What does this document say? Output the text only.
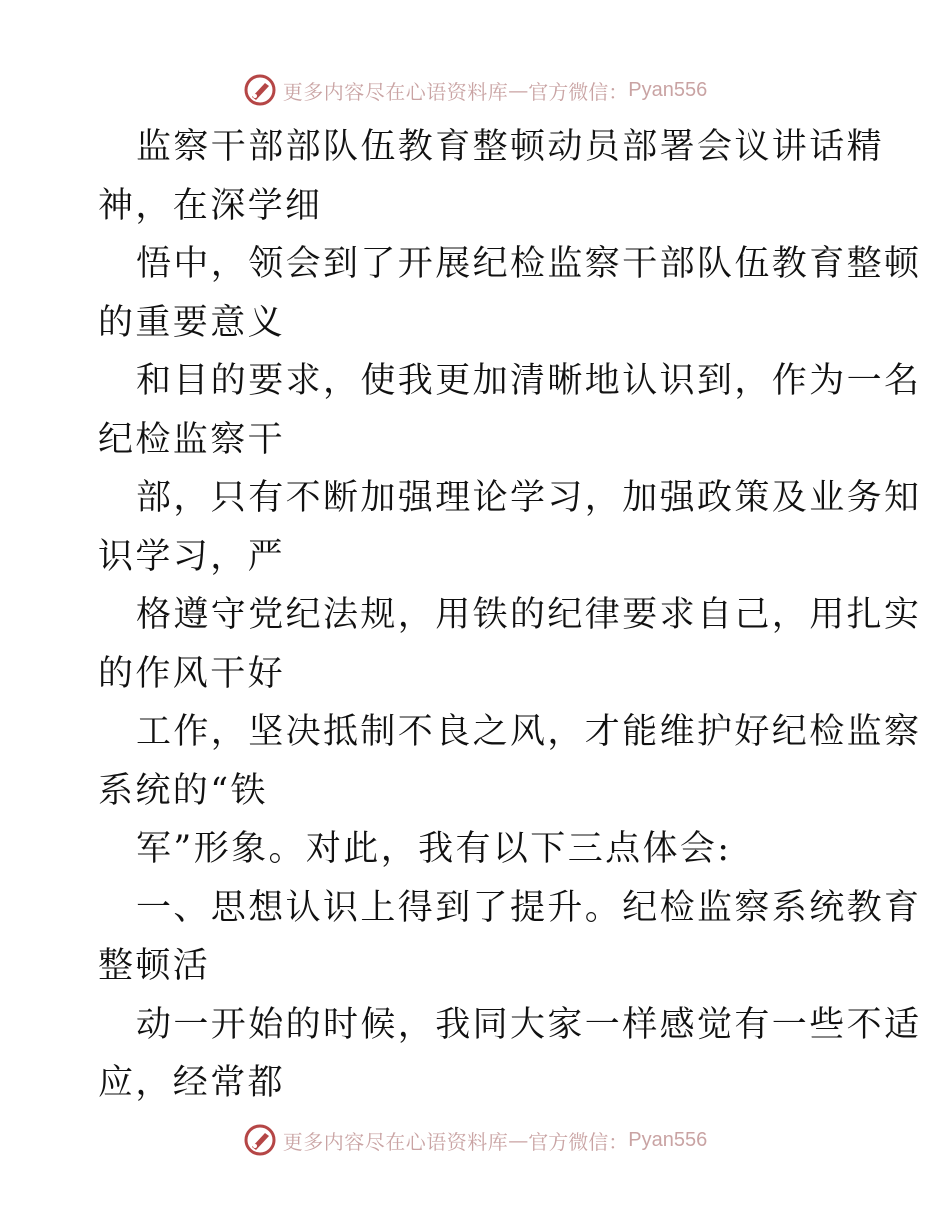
更多内容尽在心语资料库 — 官方微信： Pyan556
监察干部部队伍教育整顿动员部署会议讲话精
神，在深学细
悟中，领会到了开展纪检监察干部队伍教育整顿
的重要意义
和目的要求，使我更加清晰地认识到，作为一名
纪检监察干
部，只有不断加强理论学习，加强政策及业务知
识学习，严
格遵守党纪法规，用铁的纪律要求自己，用扎实
的作风干好
工作，坚决抵制不良之风，才能维护好纪检监察
系统的“铁
军”形象。对此，我有以下三点体会:
一、思想认识上得到了提升。纪检监察系统教育
整顿活
动一开始的时候，我同大家一样感觉有一些不适
应，经常都
更多内容尽在心语资料库 — 官方微信： Pyan556
